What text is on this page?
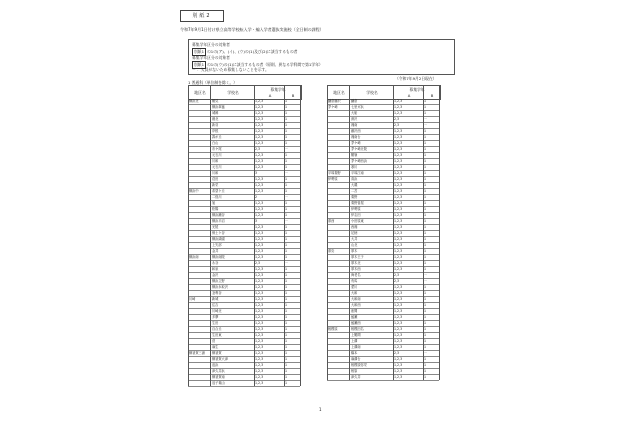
別紙2
令和7年9月1日付け県立高等学校転入学・編入学者選抜実施校（全日制の課程）
募集学年区分の対象者
別紙1 の1の(ア)、(イ)、(ウ)の(1)及び(2)に該当するもの者
募集学年区分の対象者
別紙1 の1の(ウ)の(1)に該当するもの者（原則、異なる学科間で第1学年）
－ ：欠員がないため募集しないことを示す。
（令和7年9月2日現在）
1 普通科（単位制を除く。）
地区名	学校名
募集学年
A	B
横浜北	鶴見	1,2,3	1
横浜翠嵐	1,2,3	1
城郷	1,2,3	1
港北	1,2,3	1
新羽	1,2,3	1
岸根	1,2,3	1
霧が丘	1,2,3	1
白山	1,2,3	1
市ケ尾	2,3	－
元石川	1,2,3	1
川和	1,2,3	1
元石川	1,2,3	1
川和	3	－
荏田	1,2,3	1
新栄	1,2,3	1
横浜中	希望ケ丘	1,2,3	1
二俣川	2	－
旭	1,2,3	1
松陽	1,2,3	1
横浜瀬谷	1,2,3	1
横浜平沼	3	－
光陵	1,2,3	1
保土ケ谷	1,2,3	1
横浜緑園	1,2,3	1
上矢部	1,2,3	1
金井	1,2,3	1
横浜南	横浜南陵	1,2,3	1
永谷	2,3	－
和泉	1,2,3	1
金沢	1,2,3	1
横浜立野	1,2,3	1
横浜氷取沢	1,2,3	1
釜利谷	1,2,3	1
川崎	新城	1,2,3	1
住吉	1,2,3	1
川崎北	1,2,3	1
多摩	1,2,3	1
生田	1,2,3	1
百合丘	1,2,3	1
生田東	1,2,3	1
菅	1,2,3	1
麻生	1,2,3	1
横須賀三浦	横須賀	1,2,3	1
横須賀大津	1,2,3	1
追浜	1,2,3	1
津久井浜	1,2,3	1
横須賀南	1,2,3	1
逗子葉山	1,2,3	1
地区名	学校名
募集学年
A	B
鎌倉藤沢	鎌倉	1,2,3	1
茅ケ崎	七里ガ浜	1,2,3	1
大船	1,2,3	1
深沢	2,3	－
湘南	2,3	－
藤沢西	1,2,3	1
湘南台	1,2,3	1
茅ケ崎	1,2,3	1
茅ケ崎北陵	1,2,3	1
鶴嶺	1,2,3	1
茅ケ崎西浜	1,2,3	1
寒川	1,2,3	1
平塚秦野	平塚江南	1,2,3	1
伊勢原	高浜	1,2,3	1
大磯	1,2,3	1
二宮	1,2,3	1
秦野	1,2,3	1
秦野曽屋	1,2,3	1
伊勢原	1,2,3	1
伊志田	1,2,3	1
県西	小田原東	1,2,3	1
西湘	1,2,3	1
足柄	1,2,3	1
大井	1,2,3	1
山北	1,2,3	1
県央	厚木	1,2,3	1
厚木王子	1,2,3	1
厚木北	1,2,3	1
厚木西	1,2,3	1
海老名	2,3	－
有馬	2,3	－
愛川	1,2,3	1
大和	1,2,3	1
大和南	1,2,3	1
大和西	1,2,3	1
座間	1,2,3	1
綾瀬	1,2,3	1
綾瀬西	1,2,3	1
相模原	相模田名	1,2,3	1
上鶴間	1,2,3	1
上溝	1,2,3	1
上溝南	1,2,3	1
橋本	2,3	－
麻溝台	1,2,3	1
相模原弥栄	1,2,3	1
相原	1,2,3	1
津久井	1,2,3	1
1
